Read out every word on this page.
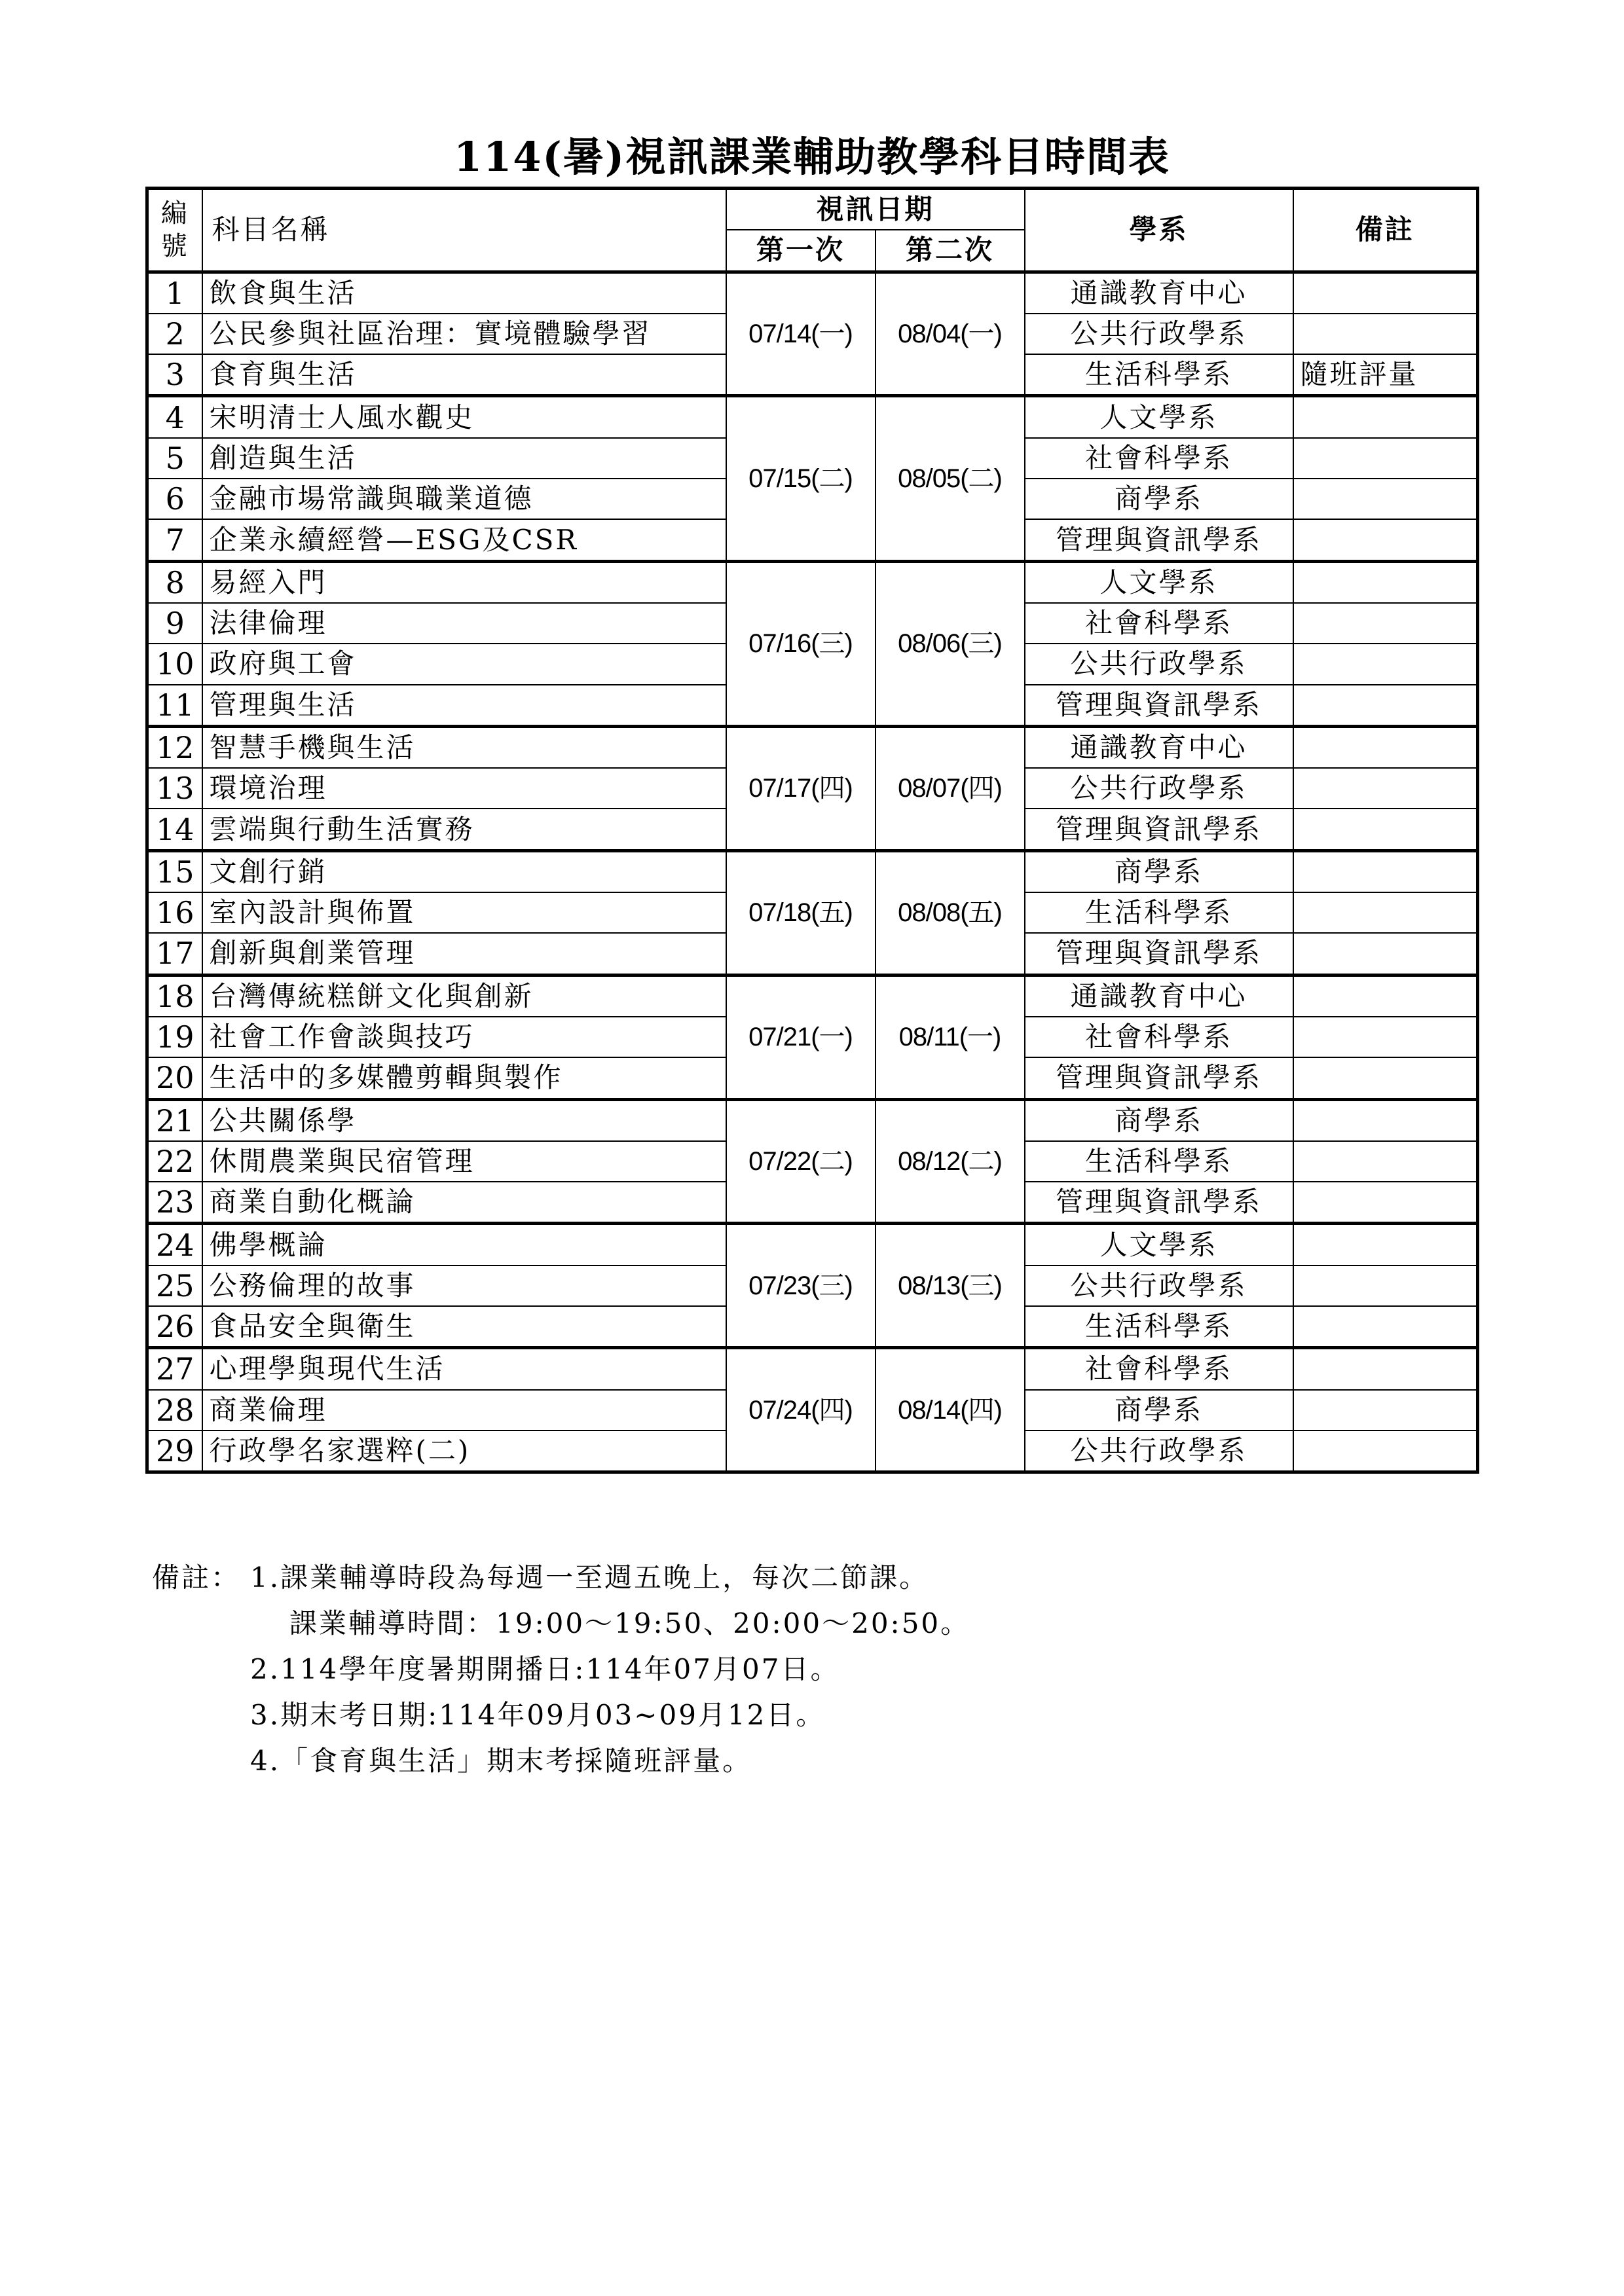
114(暑)視訊課業輔助教學科目時間表
編
號	科目名稱	視訊日期		學系	備註
		第一次	第二次		
1	飲食與生活	07/14(一)	08/04(一)	通識教育中心	
2	公民參與社區治理：實境體驗學習			公共行政學系	
3	食育與生活			生活科學系	隨班評量
4	宋明清士人風水觀史	07/15(二)	08/05(二)	人文學系	
5	創造與生活			社會科學系	
6	金融市場常識與職業道德			商學系	
7	企業永續經營—ESG及CSR			管理與資訊學系	
8	易經入門	07/16(三)	08/06(三)	人文學系	
9	法律倫理			社會科學系	
10	政府與工會			公共行政學系	
11	管理與生活			管理與資訊學系	
12	智慧手機與生活	07/17(四)	08/07(四)	通識教育中心	
13	環境治理			公共行政學系	
14	雲端與行動生活實務			管理與資訊學系	
15	文創行銷	07/18(五)	08/08(五)	商學系	
16	室內設計與佈置			生活科學系	
17	創新與創業管理			管理與資訊學系	
18	台灣傳統糕餅文化與創新	07/21(一)	08/11(一)	通識教育中心	
19	社會工作會談與技巧			社會科學系	
20	生活中的多媒體剪輯與製作			管理與資訊學系	
21	公共關係學	07/22(二)	08/12(二)	商學系	
22	休閒農業與民宿管理			生活科學系	
23	商業自動化概論			管理與資訊學系	
24	佛學概論	07/23(三)	08/13(三)	人文學系	
25	公務倫理的故事			公共行政學系	
26	食品安全與衛生			生活科學系	
27	心理學與現代生活	07/24(四)	08/14(四)	社會科學系	
28	商業倫理			商學系	
29	行政學名家選粹(二)			公共行政學系	
備註： 1.課業輔導時段為每週一至週五晚上，每次二節課。
課業輔導時間：19:00～19:50、20:00～20:50。
2.114學年度暑期開播日:114年07月07日。
3.期末考日期:114年09月03~09月12日。
4.「食育與生活」期末考採隨班評量。
